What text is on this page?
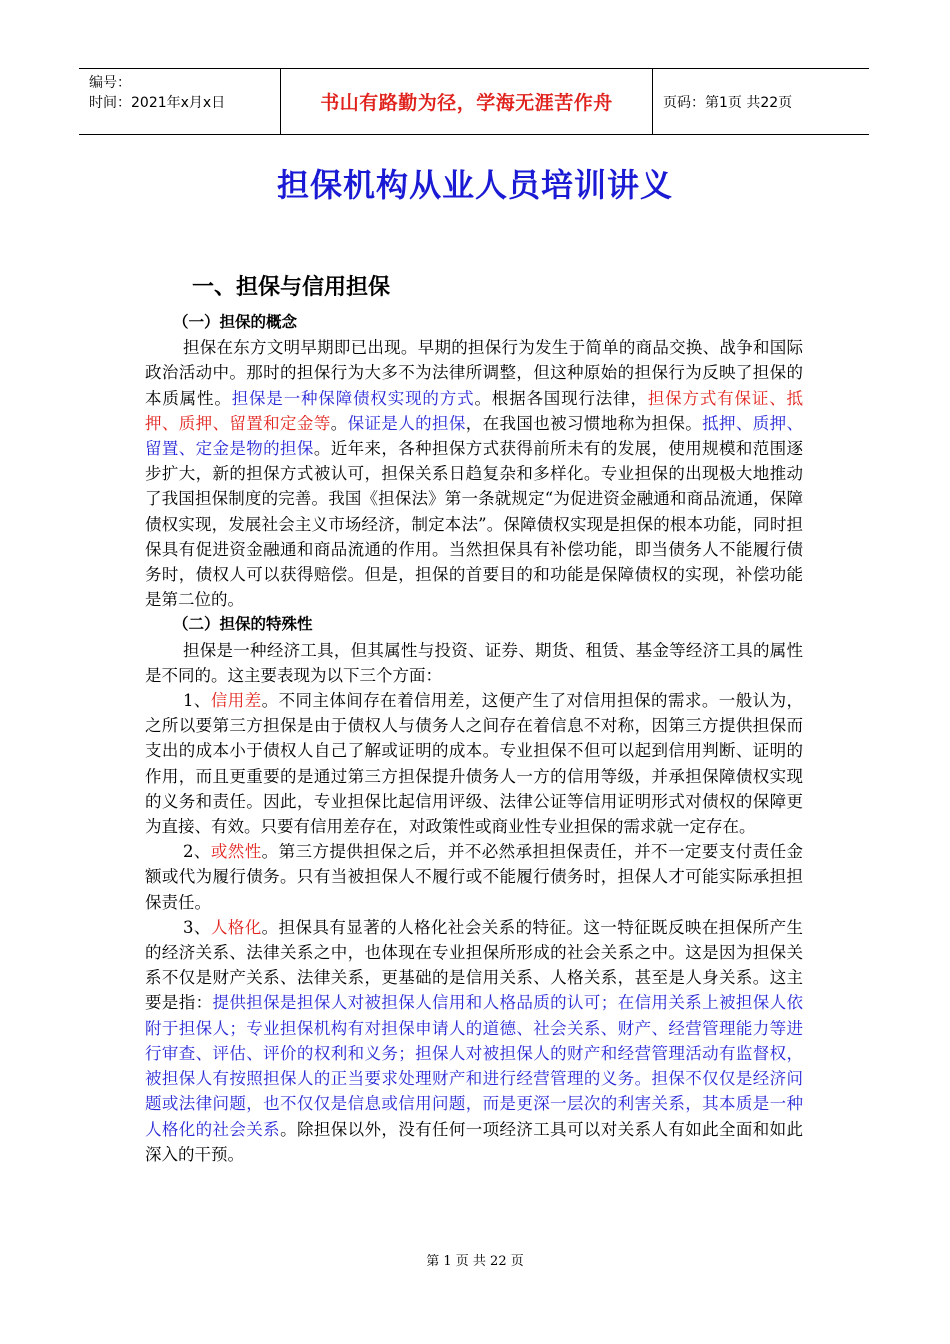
编号：
时间：2021年x月x日	书山有路勤为径，学海无涯苦作舟	页码：第1页 共22页
担保机构从业人员培训讲义
一、担保与信用担保

（一）担保的概念

担保在东方文明早期即已出现。早期的担保行为发生于简单的商品交换、战争和国际政治活动中。那时的担保行为大多不为法律所调整，但这种原始的担保行为反映了担保的本质属性。担保是一种保障债权实现的方式。根据各国现行法律，担保方式有保证、抵押、质押、留置和定金等。保证是人的担保，在我国也被习惯地称为担保。抵押、质押、留置、定金是物的担保。近年来，各种担保方式获得前所未有的发展，使用规模和范围逐步扩大，新的担保方式被认可，担保关系日趋复杂和多样化。专业担保的出现极大地推动了我国担保制度的完善。我国《担保法》第一条就规定“为促进资金融通和商品流通，保障债权实现，发展社会主义市场经济，制定本法”。保障债权实现是担保的根本功能，同时担保具有促进资金融通和商品流通的作用。当然担保具有补偿功能，即当债务人不能履行债务时，债权人可以获得赔偿。但是，担保的首要目的和功能是保障债权的实现，补偿功能是第二位的。

（二）担保的特殊性

担保是一种经济工具，但其属性与投资、证券、期货、租赁、基金等经济工具的属性是不同的。这主要表现为以下三个方面：

1、信用差。不同主体间存在着信用差，这便产生了对信用担保的需求。一般认为，之所以要第三方担保是由于债权人与债务人之间存在着信息不对称，因第三方提供担保而支出的成本小于债权人自己了解或证明的成本。专业担保不但可以起到信用判断、证明的作用，而且更重要的是通过第三方担保提升债务人一方的信用等级，并承担保障债权实现的义务和责任。因此，专业担保比起信用评级、法律公证等信用证明形式对债权的保障更为直接、有效。只要有信用差存在，对政策性或商业性专业担保的需求就一定存在。

2、或然性。第三方提供担保之后，并不必然承担担保责任，并不一定要支付责任金额或代为履行债务。只有当被担保人不履行或不能履行债务时，担保人才可能实际承担担保责任。

3、人格化。担保具有显著的人格化社会关系的特征。这一特征既反映在担保所产生的经济关系、法律关系之中，也体现在专业担保所形成的社会关系之中。这是因为担保关系不仅是财产关系、法律关系，更基础的是信用关系、人格关系，甚至是人身关系。这主要是指：提供担保是担保人对被担保人信用和人格品质的认可；在信用关系上被担保人依附于担保人；专业担保机构有对担保申请人的道德、社会关系、财产、经营管理能力等进行审查、评估、评价的权利和义务；担保人对被担保人的财产和经营管理活动有监督权，被担保人有按照担保人的正当要求处理财产和进行经营管理的义务。担保不仅仅是经济问题或法律问题，也不仅仅是信息或信用问题，而是更深一层次的利害关系，其本质是一种人格化的社会关系。除担保以外，没有任何一项经济工具可以对关系人有如此全面和如此深入的干预。

第 1 页 共 22 页
